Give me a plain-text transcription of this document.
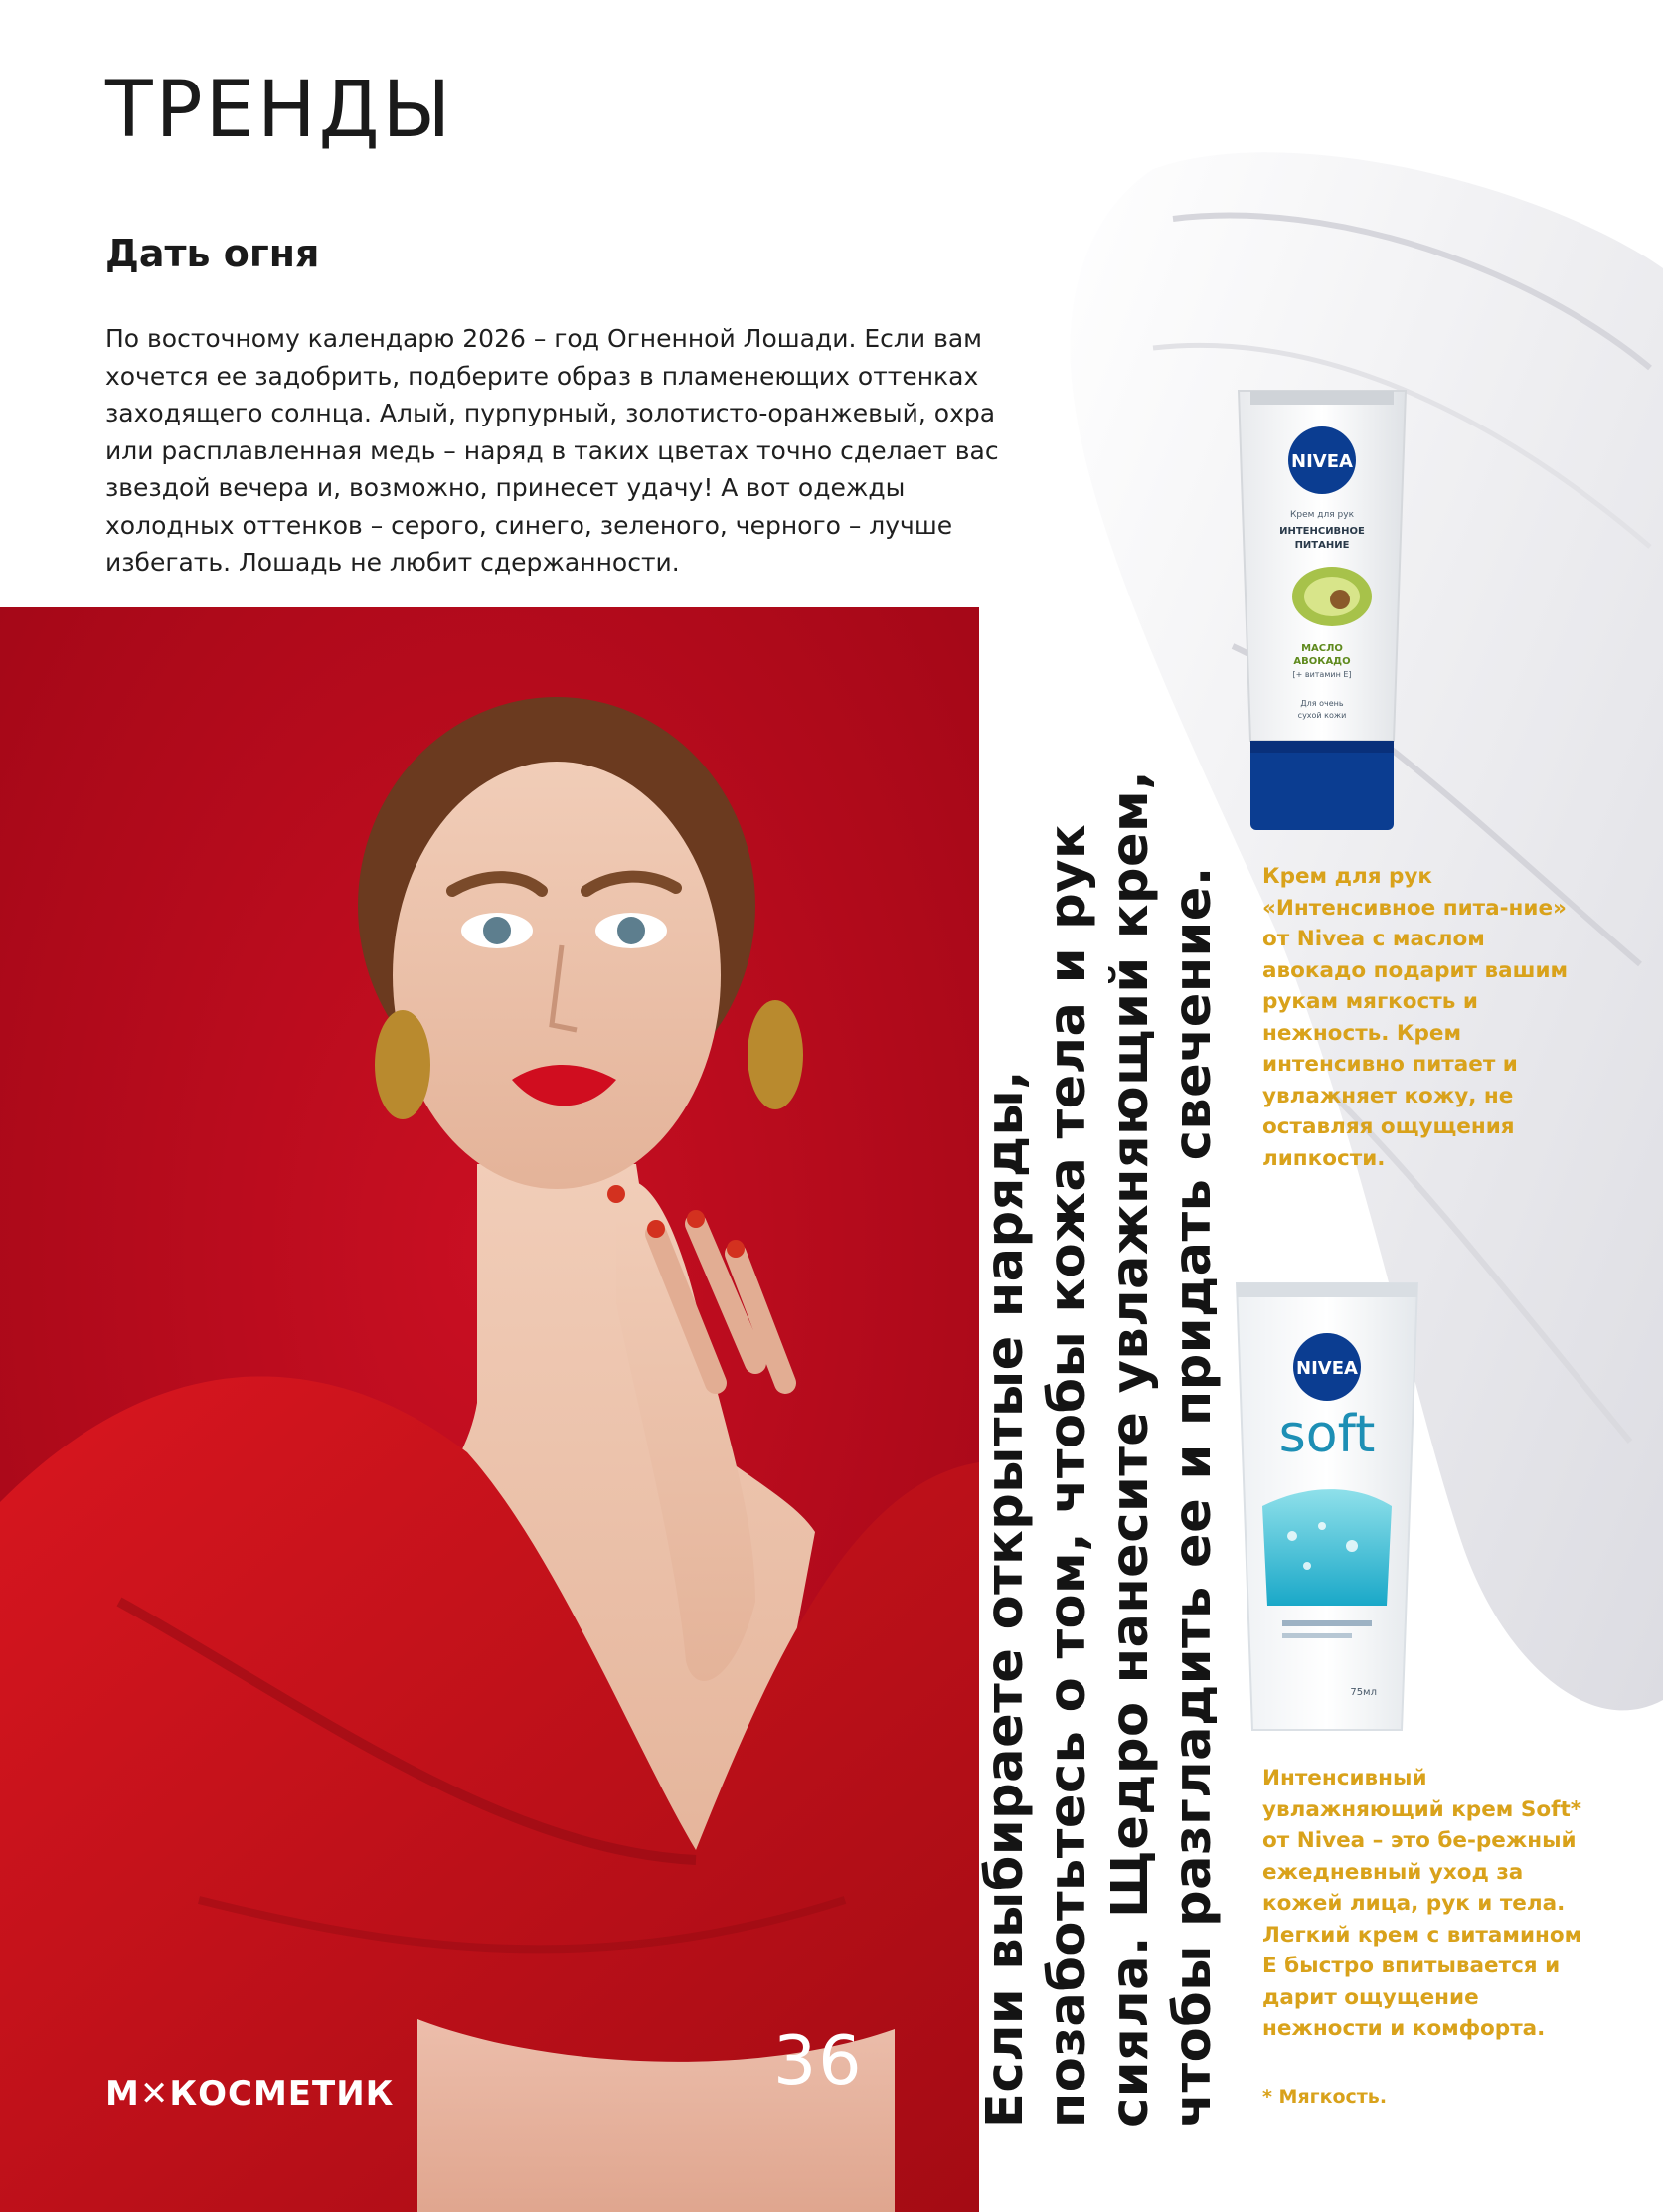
ТРЕНДЫ
Дать огня

По восточному календарю 2026 – год Огненной Лошади. Если вам хочется ее задобрить, подберите образ в пламенеющих оттенках заходящего солнца. Алый, пурпурный, золотисто-оранжевый, охра или расплавленная медь – наряд в таких цветах точно сделает вас звездой вечера и, возможно, принесет удачу! А вот одежды холодных оттенков – серого, синего, зеленого, черного – лучше избегать. Лошадь не любит сдержанности.

М✕КОСМЕТИК	36 Если выбираете открытые наряды, позаботьтесь о том, чтобы кожа тела и рук сияла. Щедро нанесите увлажняющий крем, чтобы разгладить ее и придать свечение.

NIVEA
Крем для рук
ИНТЕНСИВНОЕ
ПИТАНИЕ
МАСЛО
АВОКАДО
[+ витамин Е]
Для очень
сухой кожи

Крем для рук «Интенсивное пита-ние» от Nivea с маслом авокадо подарит вашим рукам мягкость и нежность. Крем интенсивно питает и увлажняет кожу, не оставляя ощущения липкости.

NIVEA
soft
75мл

Интенсивный увлажняющий крем Soft* от Nivea – это бе-режный ежедневный уход за кожей лица, рук и тела. Легкий крем с витамином Е быстро впитывается и дарит ощущение нежности и комфорта.

* Мягкость.
